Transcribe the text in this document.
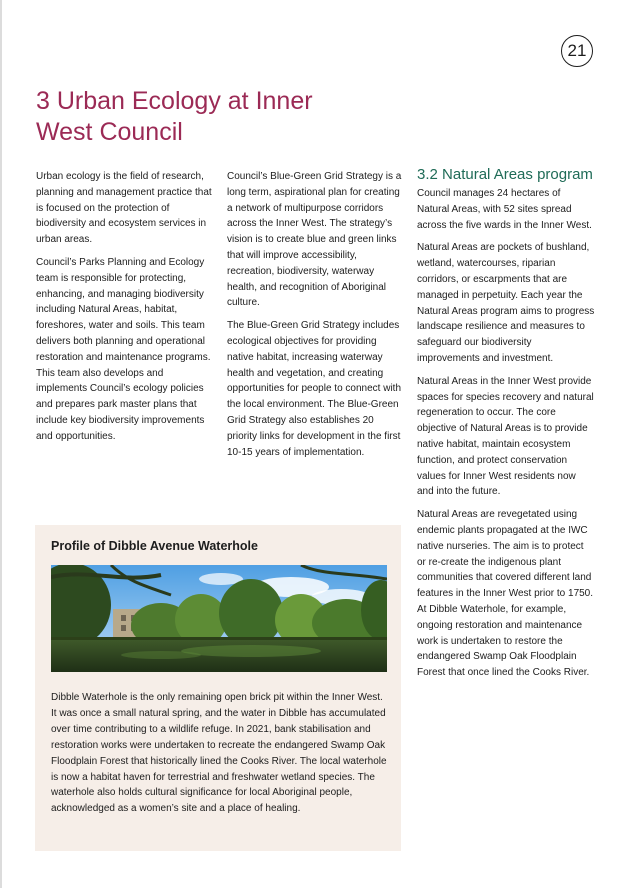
21
3 Urban Ecology at Inner West Council

Urban ecology is the field of research, planning and management practice that is focused on the protection of biodiversity and ecosystem services in urban areas.

Council’s Parks Planning and Ecology team is responsible for protecting, enhancing, and managing biodiversity including Natural Areas, habitat, foreshores, water and soils. This team delivers both planning and operational restoration and maintenance programs. This team also develops and implements Council’s ecology policies and prepares park master plans that include key biodiversity improvements and opportunities.

Council’s Blue-Green Grid Strategy is a long term, aspirational plan for creating a network of multipurpose corridors across the Inner West. The strategy’s vision is to create blue and green links that will improve accessibility, recreation, biodiversity, waterway health, and recognition of Aboriginal culture.

The Blue-Green Grid Strategy includes ecological objectives for providing native habitat, increasing waterway health and vegetation, and creating opportunities for people to connect with the local environment. The Blue-Green Grid Strategy also establishes 20 priority links for development in the first 10-15 years of implementation.

3.2 Natural Areas program

Council manages 24 hectares of Natural Areas, with 52 sites spread across the five wards in the Inner West.

Natural Areas are pockets of bushland, wetland, watercourses, riparian corridors, or escarpments that are managed in perpetuity. Each year the Natural Areas program aims to progress landscape resilience and measures to safeguard our biodiversity improvements and investment.

Natural Areas in the Inner West provide spaces for species recovery and natural regeneration to occur. The core objective of Natural Areas is to provide native habitat, maintain ecosystem function, and protect conservation values for Inner West residents now and into the future.

Natural Areas are revegetated using endemic plants propagated at the IWC native nurseries. The aim is to protect or re-create the indigenous plant communities that covered different land features in the Inner West prior to 1750. At Dibble Waterhole, for example, ongoing restoration and maintenance work is undertaken to restore the endangered Swamp Oak Floodplain Forest that once lined the Cooks River.

Profile of Dibble Avenue Waterhole

Dibble Waterhole is the only remaining open brick pit within the Inner West. It was once a small natural spring, and the water in Dibble has accumulated over time contributing to a wildlife refuge. In 2021, bank stabilisation and restoration works were undertaken to recreate the endangered Swamp Oak Floodplain Forest that historically lined the Cooks River. The local waterhole is now a habitat haven for terrestrial and freshwater wetland species. The waterhole also holds cultural significance for local Aboriginal people, acknowledged as a women’s site and a place of healing.
